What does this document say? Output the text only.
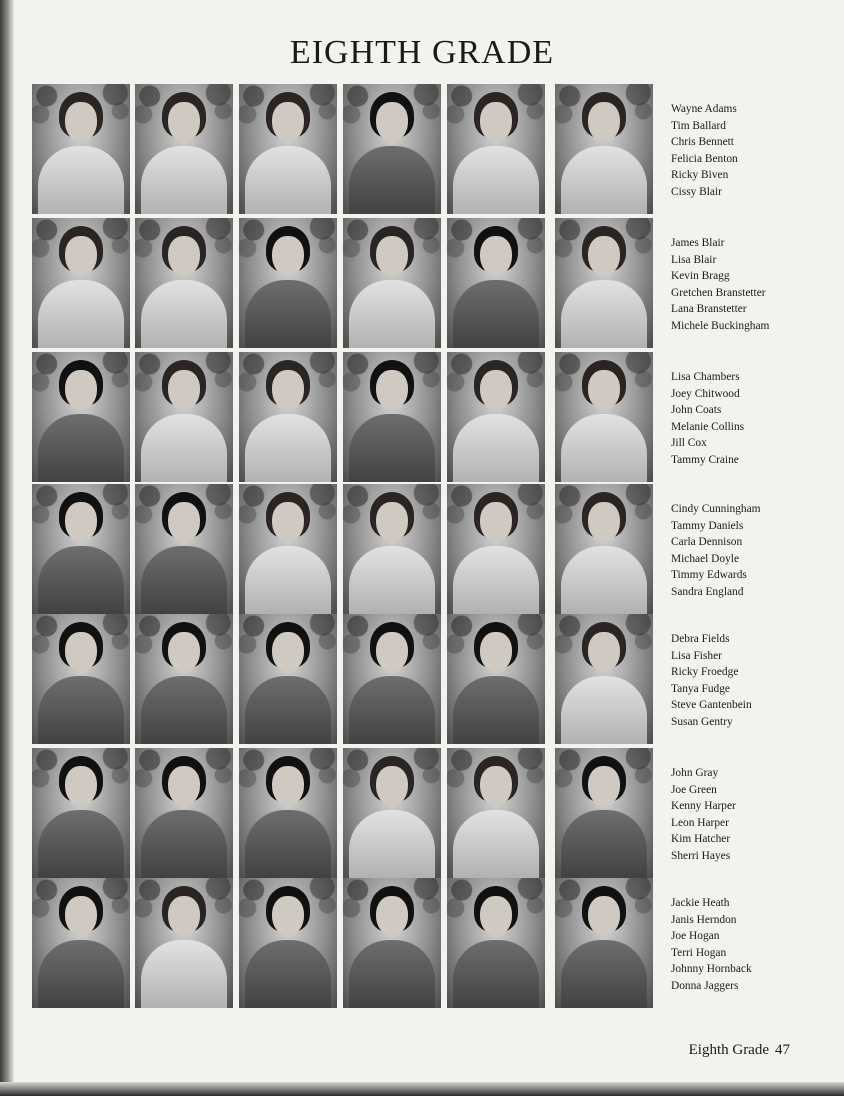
EIGHTH GRADE
Eighth Grade 47
Wayne Adams
Tim Ballard
Chris Bennett
Felicia Benton
Ricky Biven
Cissy Blair
James Blair
Lisa Blair
Kevin Bragg
Gretchen Branstetter
Lana Branstetter
Michele Buckingham
Lisa Chambers
Joey Chitwood
John Coats
Melanie Collins
Jill Cox
Tammy Craine
Cindy Cunningham
Tammy Daniels
Carla Dennison
Michael Doyle
Timmy Edwards
Sandra England
Debra Fields
Lisa Fisher
Ricky Froedge
Tanya Fudge
Steve Gantenbein
Susan Gentry
John Gray
Joe Green
Kenny Harper
Leon Harper
Kim Hatcher
Sherri Hayes
Jackie Heath
Janis Herndon
Joe Hogan
Terri Hogan
Johnny Hornback
Donna Jaggers
